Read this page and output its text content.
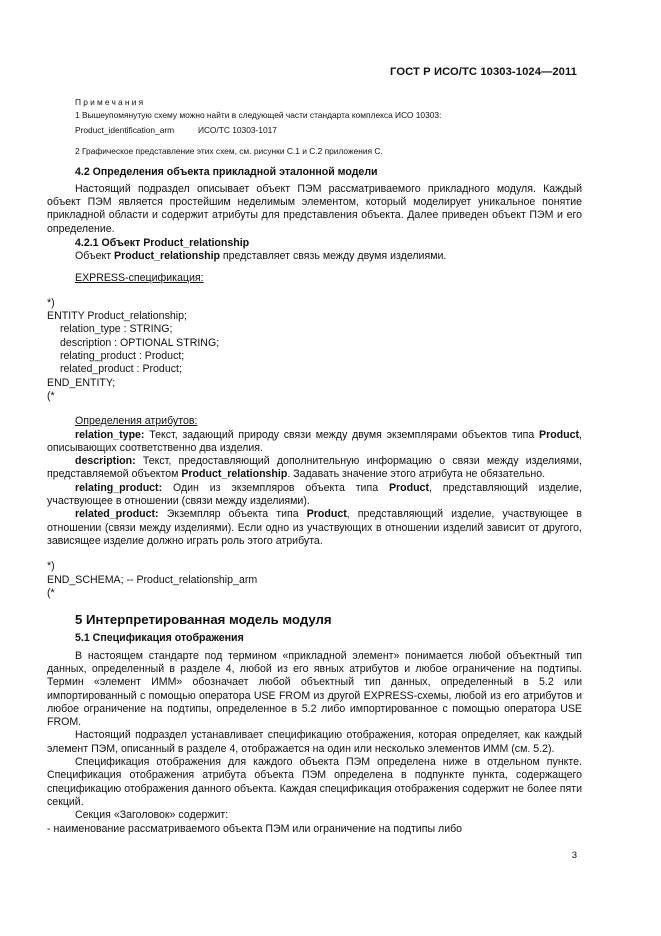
ГОСТ Р ИСО/ТС 10303-1024—2011
Примечания
1 Вышеупомянутую схему можно найти в следующей части стандарта комплекса ИСО 10303:
Product_identification_arm	ИСО/ТС 10303-1017
2 Графическое представление этих схем, см. рисунки С.1 и С.2 приложения С.
4.2 Определения объекта прикладной эталонной модели

Настоящий подраздел описывает объект ПЭМ рассматриваемого прикладного модуля. Каждый объект ПЭМ является простейшим неделимым элементом, который моделирует уникальное понятие прикладной области и содержит атрибуты для представления объекта. Далее приведен объект ПЭМ и его определение.

4.2.1 Объект Product_relationship
Объект Product_relationship представляет связь между двумя изделиями.
EXPRESS-спецификация:
*)
ENTITY Product_relationship;
relation_type : STRING;
description : OPTIONAL STRING;
relating_product : Product;
related_product : Product;
END_ENTITY;
(*
Определения атрибутов:

relation_type: Текст, задающий природу связи между двумя экземплярами объектов типа Product, описывающих соответственно два изделия.

description: Текст, предоставляющий дополнительную информацию о связи между изделиями, представляемой объектом Product_relationship. Задавать значение этого атрибута не обязательно.

relating_product: Один из экземпляров объекта типа Product, представляющий изделие, участвующее в отношении (связи между изделиями).

related_product: Экземпляр объекта типа Product, представляющий изделие, участвующее в отношении (связи между изделиями). Если одно из участвующих в отношении изделий зависит от другого, зависящее изделие должно играть роль этого атрибута.

*)
END_SCHEMA; -- Product_relationship_arm
(*
5 Интерпретированная модель модуля
5.1 Спецификация отображения

В настоящем стандарте под термином «прикладной элемент» понимается любой объектный тип данных, определенный в разделе 4, любой из его явных атрибутов и любое ограничение на подтипы. Термин «элемент ИММ» обозначает любой объектный тип данных, определенный в 5.2 или импортированный с помощью оператора USE FROM из другой EXPRESS-схемы, любой из его атрибутов и любое ограничение на подтипы, определенное в 5.2 либо импортированное с помощью оператора USE FROM.

Настоящий подраздел устанавливает спецификацию отображения, которая определяет, как каждый элемент ПЭМ, описанный в разделе 4, отображается на один или несколько элементов ИММ (см. 5.2).

Спецификация отображения для каждого объекта ПЭМ определена ниже в отдельном пункте. Спецификация отображения атрибута объекта ПЭМ определена в подпункте пункта, содержащего спецификацию отображения данного объекта. Каждая спецификация отображения содержит не более пяти секций.

Секция «Заголовок» содержит:
- наименование рассматриваемого объекта ПЭМ или ограничение на подтипы либо
3
